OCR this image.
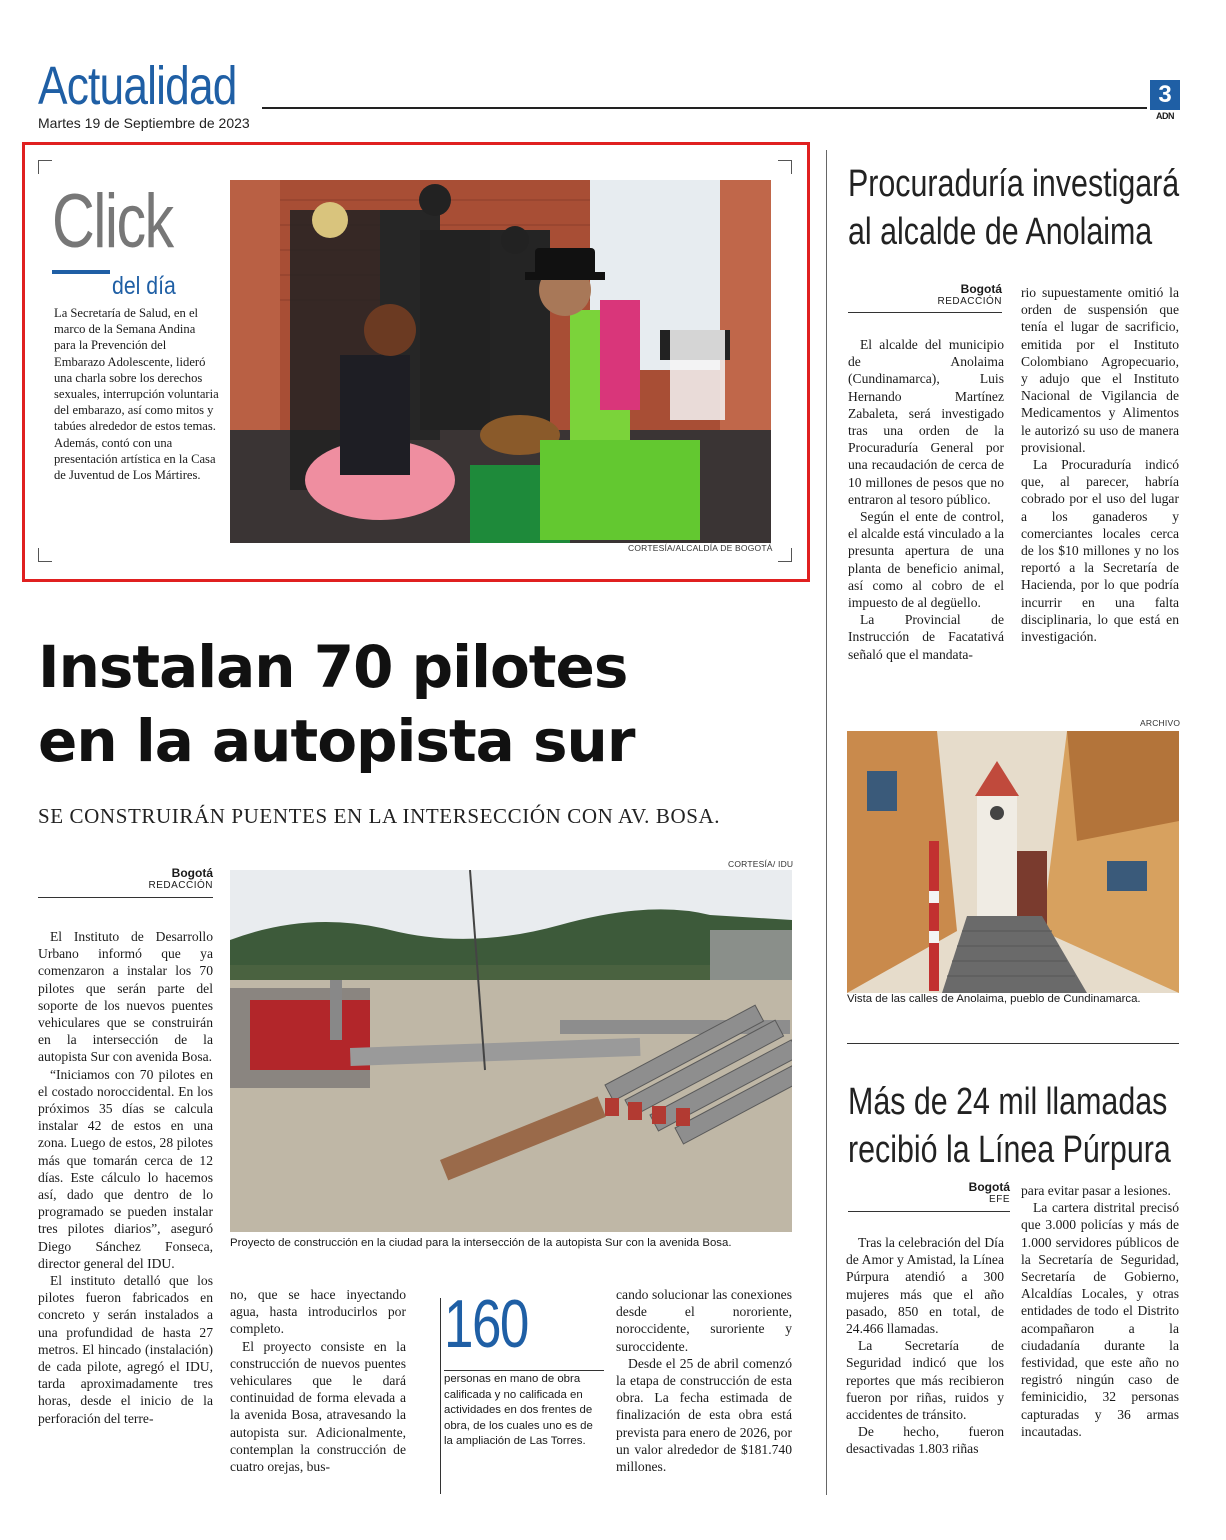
Actualidad
Martes 19 de Septiembre de 2023
3
ADN
Click
del día
La Secretaría de Salud, en el marco de la Semana Andina para la Prevención del Embarazo Adolescente, lideró una charla sobre los derechos sexuales, interrupción voluntaria del embarazo, así como mitos y tabúes alrededor de estos temas. Además, contó con una presentación artística en la Casa de Juventud de Los Mártires.
CORTESÍA/ALCALDÍA DE BOGOTÁ
Instalan 70 pilotes
en la autopista sur
SE CONSTRUIRÁN PUENTES EN LA INTERSECCIÓN CON AV. BOSA.
Bogotá
REDACCIÓN

El Instituto de Desarrollo Urbano informó que ya comenzaron a instalar los 70 pilotes que serán parte del soporte de los nuevos puentes vehiculares que se construirán en la intersección de la autopista Sur con avenida Bosa.

“Iniciamos con 70 pilotes en el costado noroccidental. En los próximos 35 días se calcula instalar 42 de estos en una zona. Luego de estos, 28 pilotes más que tomarán cerca de 12 días. Este cálculo lo hacemos así, dado que dentro de lo programado se pueden instalar tres pilotes diarios”, aseguró Diego Sánchez Fonseca, director general del IDU.

El instituto detalló que los pilotes fueron fabricados en concreto y serán instalados a una profundidad de hasta 27 metros. El hincado (instalación) de cada pilote, agregó el IDU, tarda aproximadamente tres horas, desde el inicio de la perforación del terre-

CORTESÍA/ IDU
Proyecto de construcción en la ciudad para la intersección de la autopista Sur con la avenida Bosa.

no, que se hace inyectando agua, hasta introducirlos por completo.

El proyecto consiste en la construcción de nuevos puentes vehiculares que le dará continuidad de forma elevada a la avenida Bosa, atravesando la autopista sur. Adicionalmente, contemplan la construcción de cuatro orejas, bus-

160
personas en mano de obra calificada y no calificada en actividades en dos frentes de obra, de los cuales uno es de la ampliación de Las Torres.

cando solucionar las conexiones desde el nororiente, noroccidente, suroriente y suroccidente.

Desde el 25 de abril comenzó la etapa de construcción de esta obra. La fecha estimada de finalización de esta obra está prevista para enero de 2026, por un valor alrededor de $181.740 millones.

Procuraduría investigará
al alcalde de Anolaima
Bogotá
REDACCIÓN

El alcalde del municipio de Anolaima (Cundinamarca), Luis Hernando Martínez Zabaleta, será investigado tras una orden de la Procuraduría General por una recaudación de cerca de 10 millones de pesos que no entraron al tesoro público.

Según el ente de control, el alcalde está vinculado a la presunta apertura de una planta de beneficio animal, así como al cobro de el impuesto de al degüello.

La Provincial de Instrucción de Facatativá señaló que el mandata-

rio supuestamente omitió la orden de suspensión que tenía el lugar de sacrificio, emitida por el Instituto Colombiano Agropecuario, y adujo que el Instituto Nacional de Vigilancia de Medicamentos y Alimentos le autorizó su uso de manera provisional.

La Procuraduría indicó que, al parecer, habría cobrado por el uso del lugar a los ganaderos y comerciantes locales cerca de los $10 millones y no los reportó a la Secretaría de Hacienda, por lo que podría incurrir en una falta disciplinaria, lo que está en investigación.

ARCHIVO
Vista de las calles de Anolaima, pueblo de Cundinamarca.
Más de 24 mil llamadas
recibió la Línea Púrpura
Bogotá
EFE

Tras la celebración del Día de Amor y Amistad, la Línea Púrpura atendió a 300 mujeres más que el año pasado, 850 en total, de 24.466 llamadas.

La Secretaría de Seguridad indicó que los reportes que más recibieron fueron por riñas, ruidos y accidentes de tránsito.

De hecho, fueron desactivadas 1.803 riñas

para evitar pasar a lesiones.

La cartera distrital precisó que 3.000 policías y más de 1.000 servidores públicos de la Secretaría de Seguridad, Secretaría de Gobierno, Alcaldías Locales, y otras entidades de todo el Distrito acompañaron a la ciudadanía durante la festividad, que este año no registró ningún caso de feminicidio, 32 personas capturadas y 36 armas incautadas.
